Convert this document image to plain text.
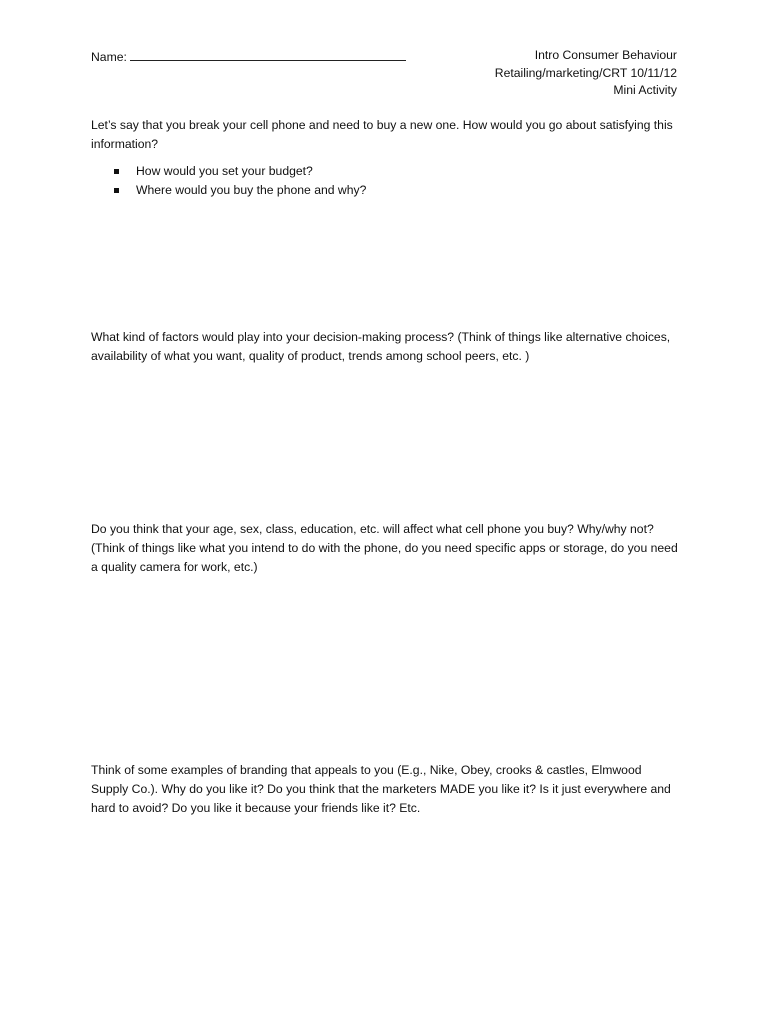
Name:	Intro Consumer Behaviour
Retailing/marketing/CRT 10/11/12
Mini Activity
Let’s say that you break your cell phone and need to buy a new one. How would you go about satisfying this information?
How would you set your budget?
Where would you buy the phone and why?
What kind of factors would play into your decision-making process? (Think of things like alternative choices, availability of what you want, quality of product, trends among school peers, etc. )
Do you think that your age, sex, class, education, etc. will affect what cell phone you buy? Why/why not? (Think of things like what you intend to do with the phone, do you need specific apps or storage, do you need a quality camera for work, etc.)
Think of some examples of branding that appeals to you (E.g., Nike, Obey, crooks & castles, Elmwood Supply Co.). Why do you like it? Do you think that the marketers MADE you like it? Is it just everywhere and hard to avoid? Do you like it because your friends like it? Etc.
